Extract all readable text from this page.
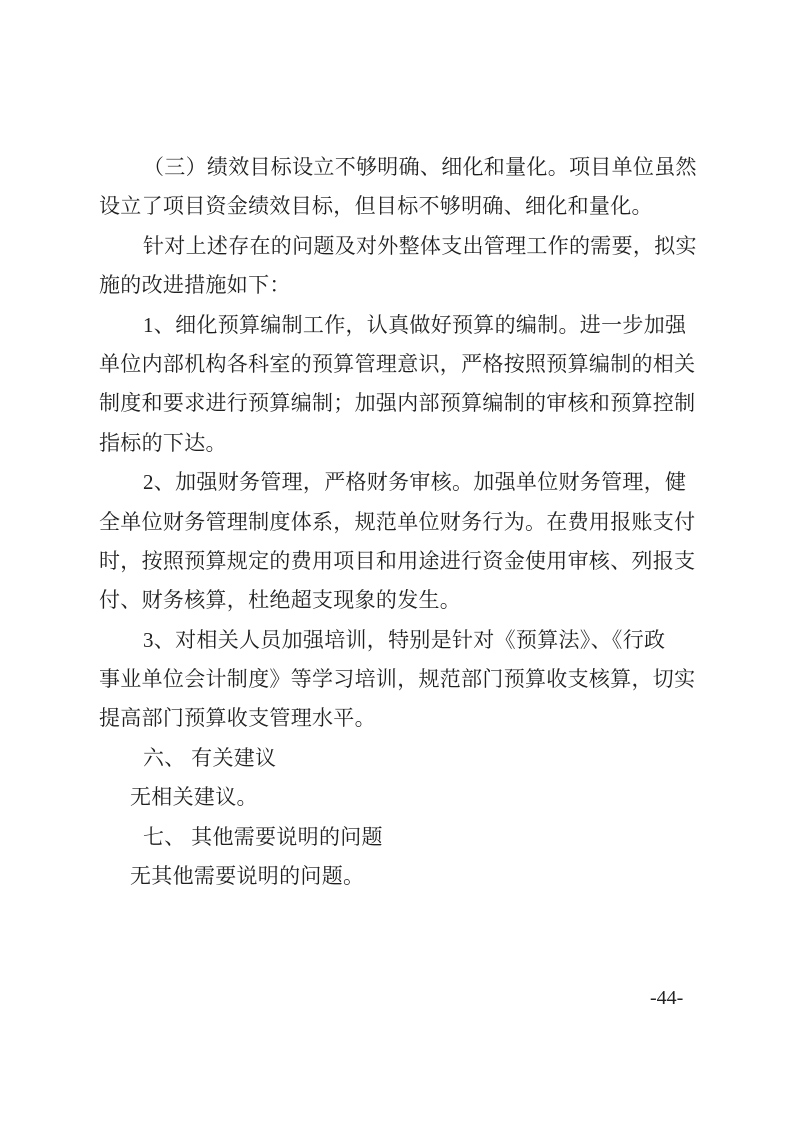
（三）绩效目标设立不够明确、细化和量化。项目单位虽然
设立了项目资金绩效目标，但目标不够明确、细化和量化。
针对上述存在的问题及对外整体支出管理工作的需要，拟实
施的改进措施如下：
1、细化预算编制工作，认真做好预算的编制。进一步加强
单位内部机构各科室的预算管理意识，严格按照预算编制的相关
制度和要求进行预算编制；加强内部预算编制的审核和预算控制
指标的下达。
2、加强财务管理，严格财务审核。加强单位财务管理，健
全单位财务管理制度体系，规范单位财务行为。在费用报账支付
时，按照预算规定的费用项目和用途进行资金使用审核、列报支
付、财务核算，杜绝超支现象的发生。
3、对相关人员加强培训，特别是针对《预算法》、《行政
事业单位会计制度》等学习培训，规范部门预算收支核算，切实
提高部门预算收支管理水平。
六、 有关建议
无相关建议。
七、 其他需要说明的问题
无其他需要说明的问题。
-44-
